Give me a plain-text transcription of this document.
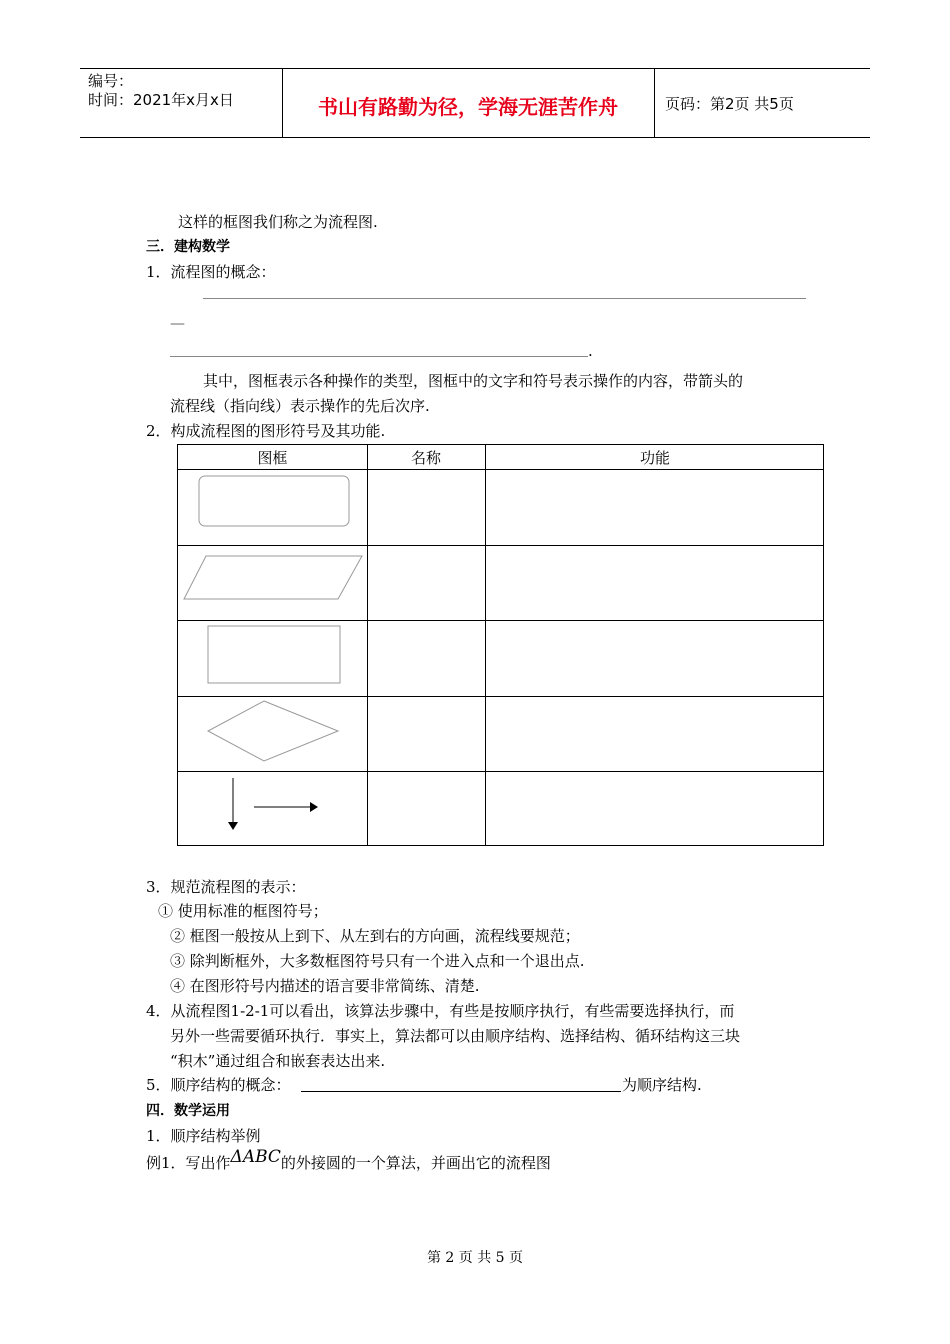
编号：
时间：2021年x月x日	书山有路勤为径，学海无涯苦作舟	页码：第2页 共5页
这样的框图我们称之为流程图.
三．建构数学
1．流程图的概念：
—
.
其中，图框表示各种操作的类型，图框中的文字和符号表示操作的内容，带箭头的
流程线（指向线）表示操作的先后次序.
2．构成流程图的图形符号及其功能.
图框	名称	功能
3．规范流程图的表示：
① 使用标准的框图符号；
② 框图一般按从上到下、从左到右的方向画，流程线要规范；
③ 除判断框外，大多数框图符号只有一个进入点和一个退出点.
④ 在图形符号内描述的语言要非常简练、清楚.
4．从流程图1-2-1可以看出，该算法步骤中，有些是按顺序执行，有些需要选择执行，而
另外一些需要循环执行．事实上，算法都可以由顺序结构、选择结构、循环结构这三块
“积木”通过组合和嵌套表达出来.
5．顺序结构的概念：	为顺序结构.
四．数学运用
1．顺序结构举例
例1．写出作ΔABC的外接圆的一个算法，并画出它的流程图
第 2 页 共 5 页
